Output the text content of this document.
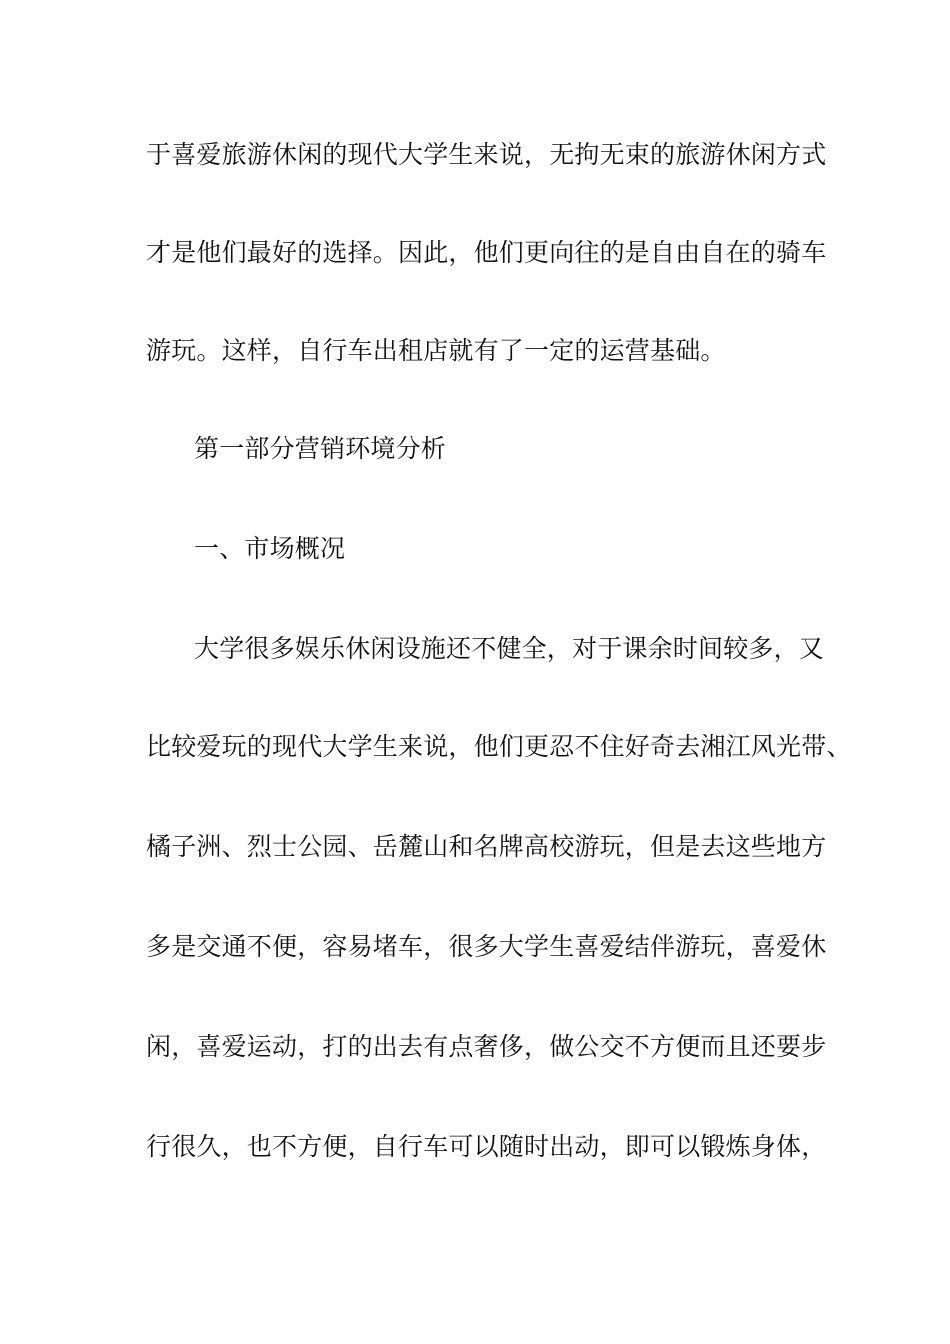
于喜爱旅游休闲的现代大学生来说，无拘无束的旅游休闲方式
才是他们最好的选择。因此，他们更向往的是自由自在的骑车
游玩。这样，自行车出租店就有了一定的运营基础。
第一部分营销环境分析
一、市场概况
大学很多娱乐休闲设施还不健全，对于课余时间较多，又
比较爱玩的现代大学生来说，他们更忍不住好奇去湘江风光带、
橘子洲、烈士公园、岳麓山和名牌高校游玩，但是去这些地方
多是交通不便，容易堵车，很多大学生喜爱结伴游玩，喜爱休
闲，喜爱运动，打的出去有点奢侈，做公交不方便而且还要步
行很久，也不方便，自行车可以随时出动，即可以锻炼身体，
